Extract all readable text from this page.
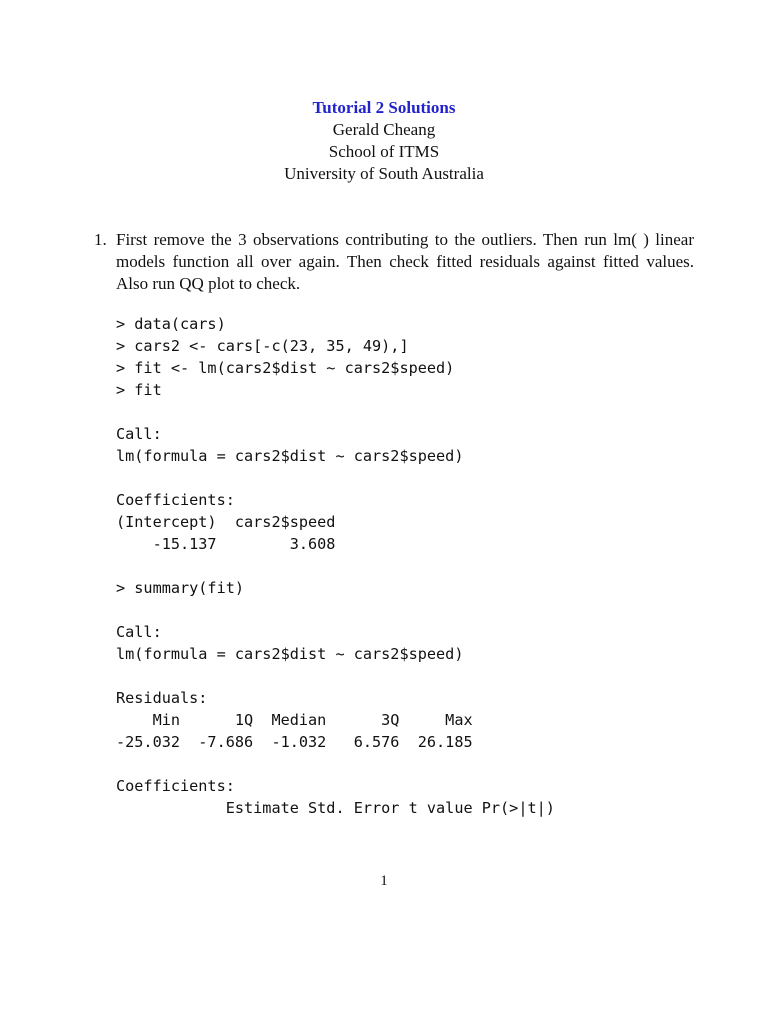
Tutorial 2 Solutions
Gerald Cheang
School of ITMS
University of South Australia
1. First remove the 3 observations contributing to the outliers. Then run lm( ) linear models function all over again. Then check fitted residuals against fitted values. Also run QQ plot to check.
> data(cars)
> cars2 <- cars[-c(23, 35, 49),]
> fit <- lm(cars2$dist ~ cars2$speed)
> fit

Call:
lm(formula = cars2$dist ~ cars2$speed)

Coefficients:
(Intercept)  cars2$speed
-15.137        3.608

> summary(fit)

Call:
lm(formula = cars2$dist ~ cars2$speed)

Residuals:
Min      1Q  Median      3Q     Max
-25.032  -7.686  -1.032   6.576  26.185

Coefficients:
Estimate Std. Error t value Pr(>|t|)
1
